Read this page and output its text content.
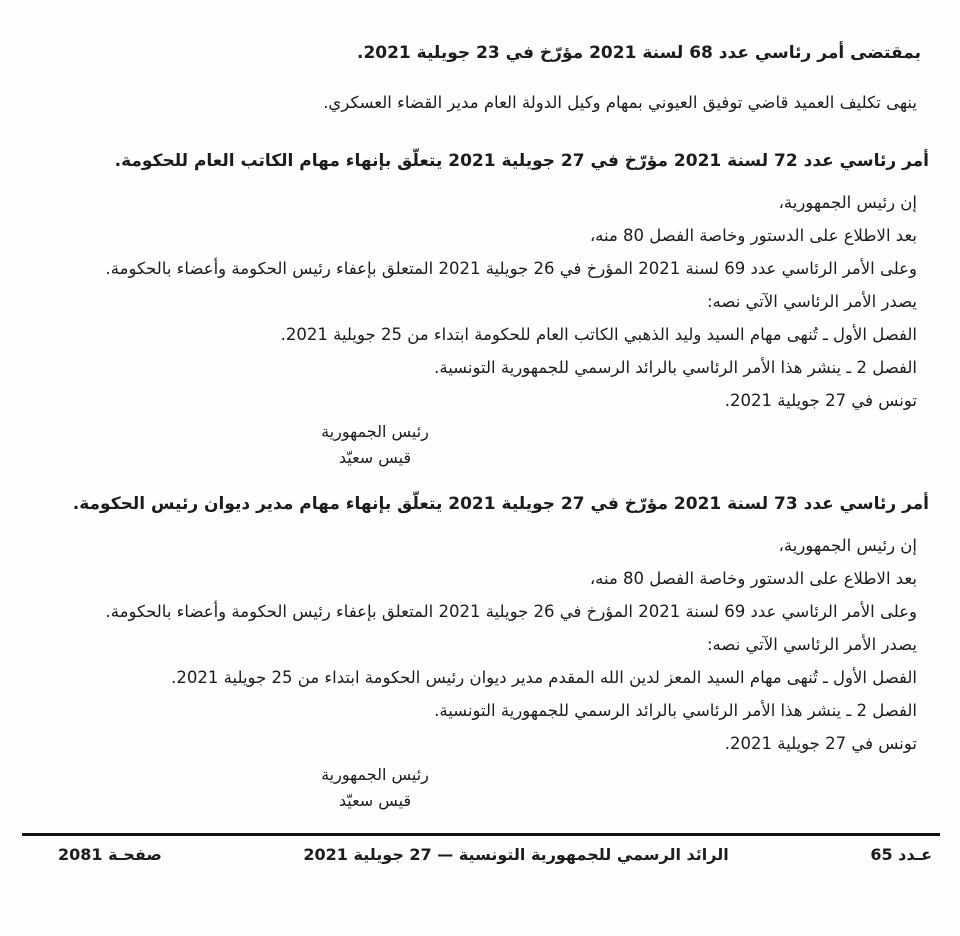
بمقتضى أمر رئاسي عدد 68 لسنة 2021 مؤرّخ في 23 جويلية 2021.

ينهى تكليف العميد قاضي توفيق العيوني بمهام وكيل الدولة العام مدير القضاء العسكري.

أمر رئاسي عدد 72 لسنة 2021 مؤرّخ في 27 جويلية 2021 يتعلّق بإنهاء مهام الكاتب العام للحكومة.

إن رئيس الجمهورية،

بعد الاطلاع على الدستور وخاصة الفصل 80 منه،

وعلى الأمر الرئاسي عدد 69 لسنة 2021 المؤرخ في 26 جويلية 2021 المتعلق بإعفاء رئيس الحكومة وأعضاء بالحكومة.

يصدر الأمر الرئاسي الآتي نصه:

الفصل الأول ـ تُنهى مهام السيد وليد الذهبي الكاتب العام للحكومة ابتداء من 25 جويلية 2021.

الفصل 2 ـ ينشر هذا الأمر الرئاسي بالرائد الرسمي للجمهورية التونسية.

تونس في 27 جويلية 2021.

رئيس الجمهورية

قيس سعيّد

أمر رئاسي عدد 73 لسنة 2021 مؤرّخ في 27 جويلية 2021 يتعلّق بإنهاء مهام مدير ديوان رئيس الحكومة.

إن رئيس الجمهورية،

بعد الاطلاع على الدستور وخاصة الفصل 80 منه،

وعلى الأمر الرئاسي عدد 69 لسنة 2021 المؤرخ في 26 جويلية 2021 المتعلق بإعفاء رئيس الحكومة وأعضاء بالحكومة.

يصدر الأمر الرئاسي الآتي نصه:

الفصل الأول ـ تُنهى مهام السيد المعز لدين الله المقدم مدير ديوان رئيس الحكومة ابتداء من 25 جويلية 2021.

الفصل 2 ـ ينشر هذا الأمر الرئاسي بالرائد الرسمي للجمهورية التونسية.

تونس في 27 جويلية 2021.

رئيس الجمهورية

قيس سعيّد

عـدد 65
الرائد الرسمي للجمهورية التونسية — 27 جويلية 2021
صفحـة 2081
